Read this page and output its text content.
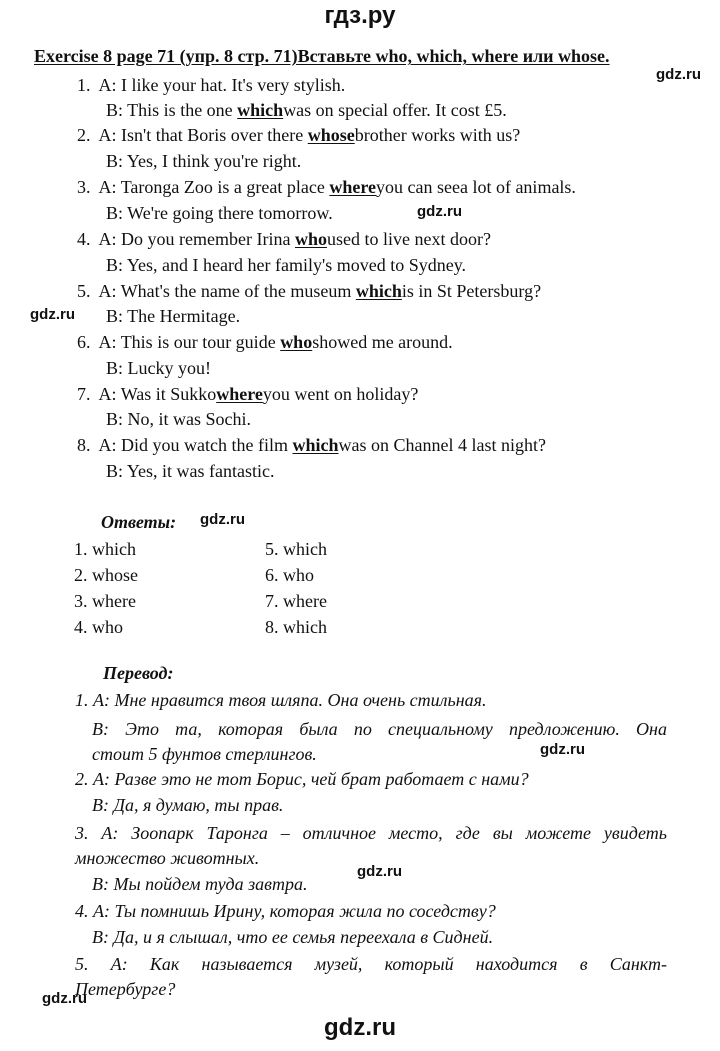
гдз.ру
Exercise 8 page 71 (упр. 8 стр. 71)Вставьте who, which, where или whose.
gdz.ru
gdz.ru
gdz.ru
gdz.ru
gdz.ru
gdz.ru
gdz.ru
1. A: I like your hat. It's very stylish.
B: This is the one whichwas on special offer. It cost £5.
2. A: Isn't that Boris over there whosebrother works with us?
B: Yes, I think you're right.
3. A: Taronga Zoo is a great place whereyou can seea lot of animals.
B: We're going there tomorrow.
4. A: Do you remember Irina whoused to live next door?
B: Yes, and I heard her family's moved to Sydney.
5. A: What's the name of the museum whichis in St Petersburg?
B: The Hermitage.
6. A: This is our tour guide whoshowed me around.
B: Lucky you!
7. A: Was it Sukkowhereyou went on holiday?
B: No, it was Sochi.
8. A: Did you watch the film whichwas on Channel 4 last night?
B: Yes, it was fantastic.
Ответы:
1. which
2. whose
3. where
4. who
5. which
6. who
7. where
8. which
Перевод:
1. А: Мне нравится твоя шляпа. Она очень стильная.
В: Это та, которая была по специальному предложению. Она
стоит 5 фунтов стерлингов.
2. А: Разве это не тот Борис, чей брат работает с нами?
В: Да, я думаю, ты прав.
3. А: Зоопарк Таронга – отличное место, где вы можете увидеть
множество животных.
В: Мы пойдем туда завтра.
4. А: Ты помнишь Ирину, которая жила по соседству?
В: Да, и я слышал, что ее семья переехала в Сидней.
5. А: Как называется музей, который находится в Санкт-
Петербурге?
gdz.ru
